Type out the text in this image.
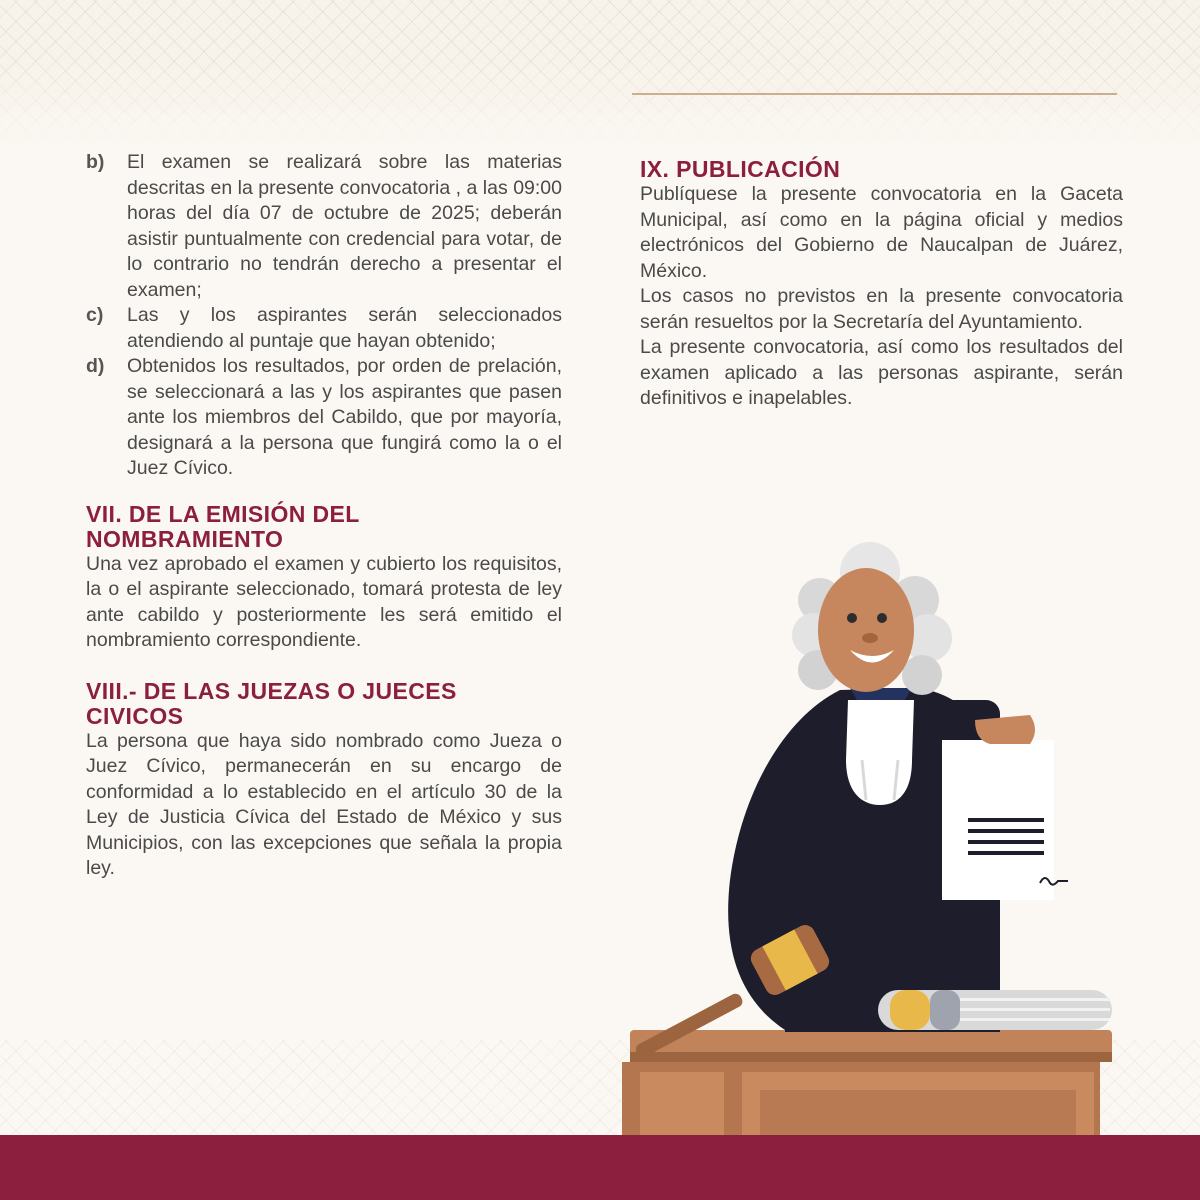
b)	El examen se realizará sobre las materias descritas en la presente convocatoria , a las 09:00 horas del día 07 de octubre de 2025; deberán asistir puntualmente con credencial para votar, de lo contrario no tendrán derecho a presentar el examen;
c)	Las y los aspirantes serán seleccionados atendiendo al puntaje que hayan obtenido;
d)	Obtenidos los resultados, por orden de prelación, se seleccionará a las y los aspirantes que pasen ante los miembros del Cabildo, que por mayoría, designará a la persona que fungirá como la o el Juez Cívico.
VII. DE LA EMISIÓN DEL
NOMBRAMIENTO

Una vez aprobado el examen y cubierto los requisitos, la o el aspirante seleccionado, tomará protesta de ley ante cabildo y posteriormente les será emitido el nombramiento correspondiente.

VIII.- DE LAS JUEZAS O JUECES
CIVICOS

La persona que haya sido nombrado como Jueza o Juez Cívico, permanecerán en su encargo de conformidad a lo establecido en el artículo 30 de la Ley de Justicia Cívica del Estado de México y sus Municipios, con las excepciones que señala la propia ley.

IX. PUBLICACIÓN

Publíquese la presente convocatoria en la Gaceta Municipal, así como en la página oficial y medios electrónicos del Gobierno de Naucalpan de Juárez, México.

Los casos no previstos en la presente convocatoria serán resueltos por la Secretaría del Ayuntamiento.

La presente convocatoria, así como los resultados del examen aplicado a las personas aspirante, serán definitivos e inapelables.
